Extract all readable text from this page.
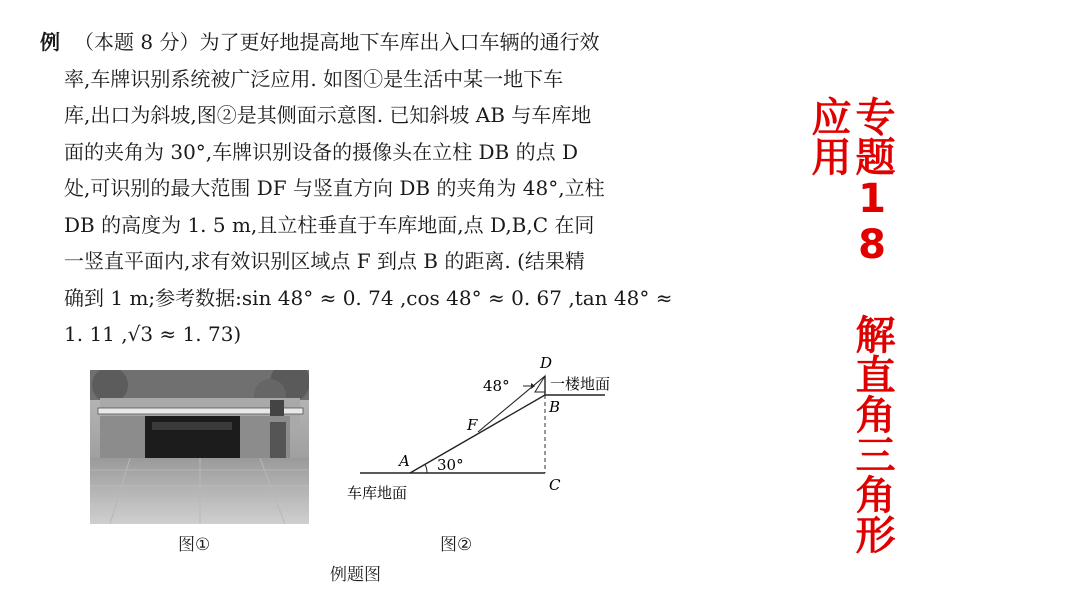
例 （本题 8 分）为了更好地提高地下车库出入口车辆的通行效
率,车牌识别系统被广泛应用. 如图①是生活中某一地下车
库,出口为斜坡,图②是其侧面示意图. 已知斜坡 AB 与车库地
面的夹角为 30°,车牌识别设备的摄像头在立柱 DB 的点 D
处,可识别的最大范围 DF 与竖直方向 DB 的夹角为 48°,立柱
DB 的高度为 1. 5 m,且立柱垂直于车库地面,点 D,B,C 在同
一竖直平面内,求有效识别区域点 F 到点 B 的距离. (结果精
确到 1 m;参考数据:sin 48° ≈ 0. 74 ,cos 48° ≈ 0. 67 ,tan 48° ≈
1. 11 ,√3 ≈ 1. 73)
D
B
A
F
C
48°
30°
一楼地面
车库地面
图①	图②
例题图
专题18 解直角三角形
应用
